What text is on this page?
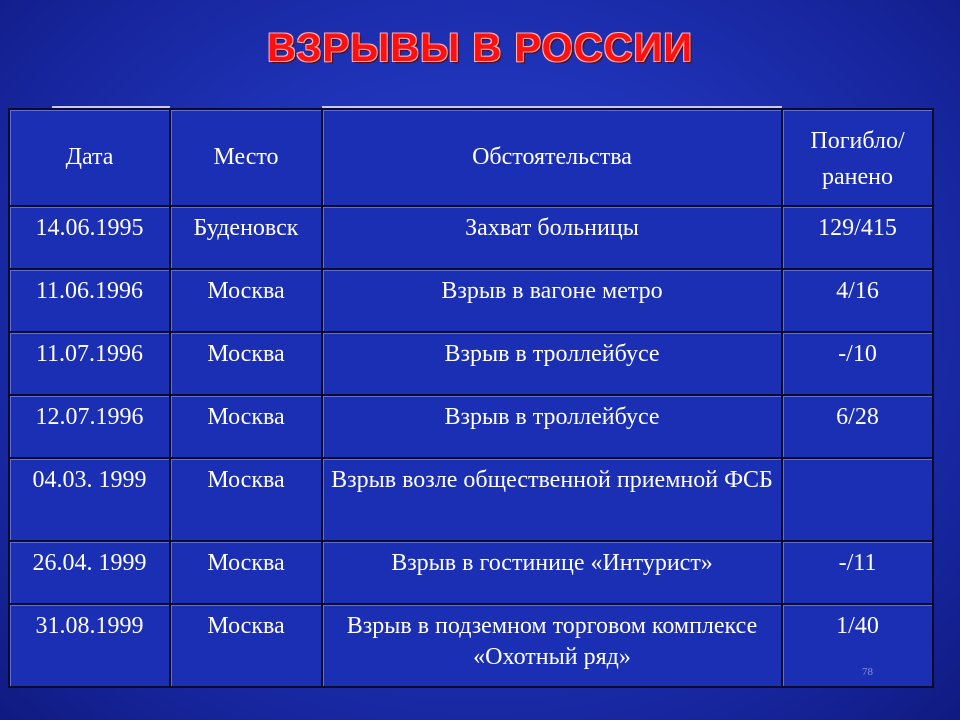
ВЗРЫВЫ В РОССИИ
Дата	Место	Обстоятельства	Погибло/ ранено
14.06.1995	Буденовск	Захват больницы	129/415
11.06.1996	Москва	Взрыв в вагоне метро	4/16
11.07.1996	Москва	Взрыв в троллейбусе	-/10
12.07.1996	Москва	Взрыв в троллейбусе	6/28
04.03. 1999	Москва	Взрыв возле общественной приемной ФСБ	
26.04. 1999	Москва	Взрыв в гостинице «Интурист»	-/11
31.08.1999	Москва	Взрыв в подземном торговом комплексе «Охотный ряд»	1/40
78
